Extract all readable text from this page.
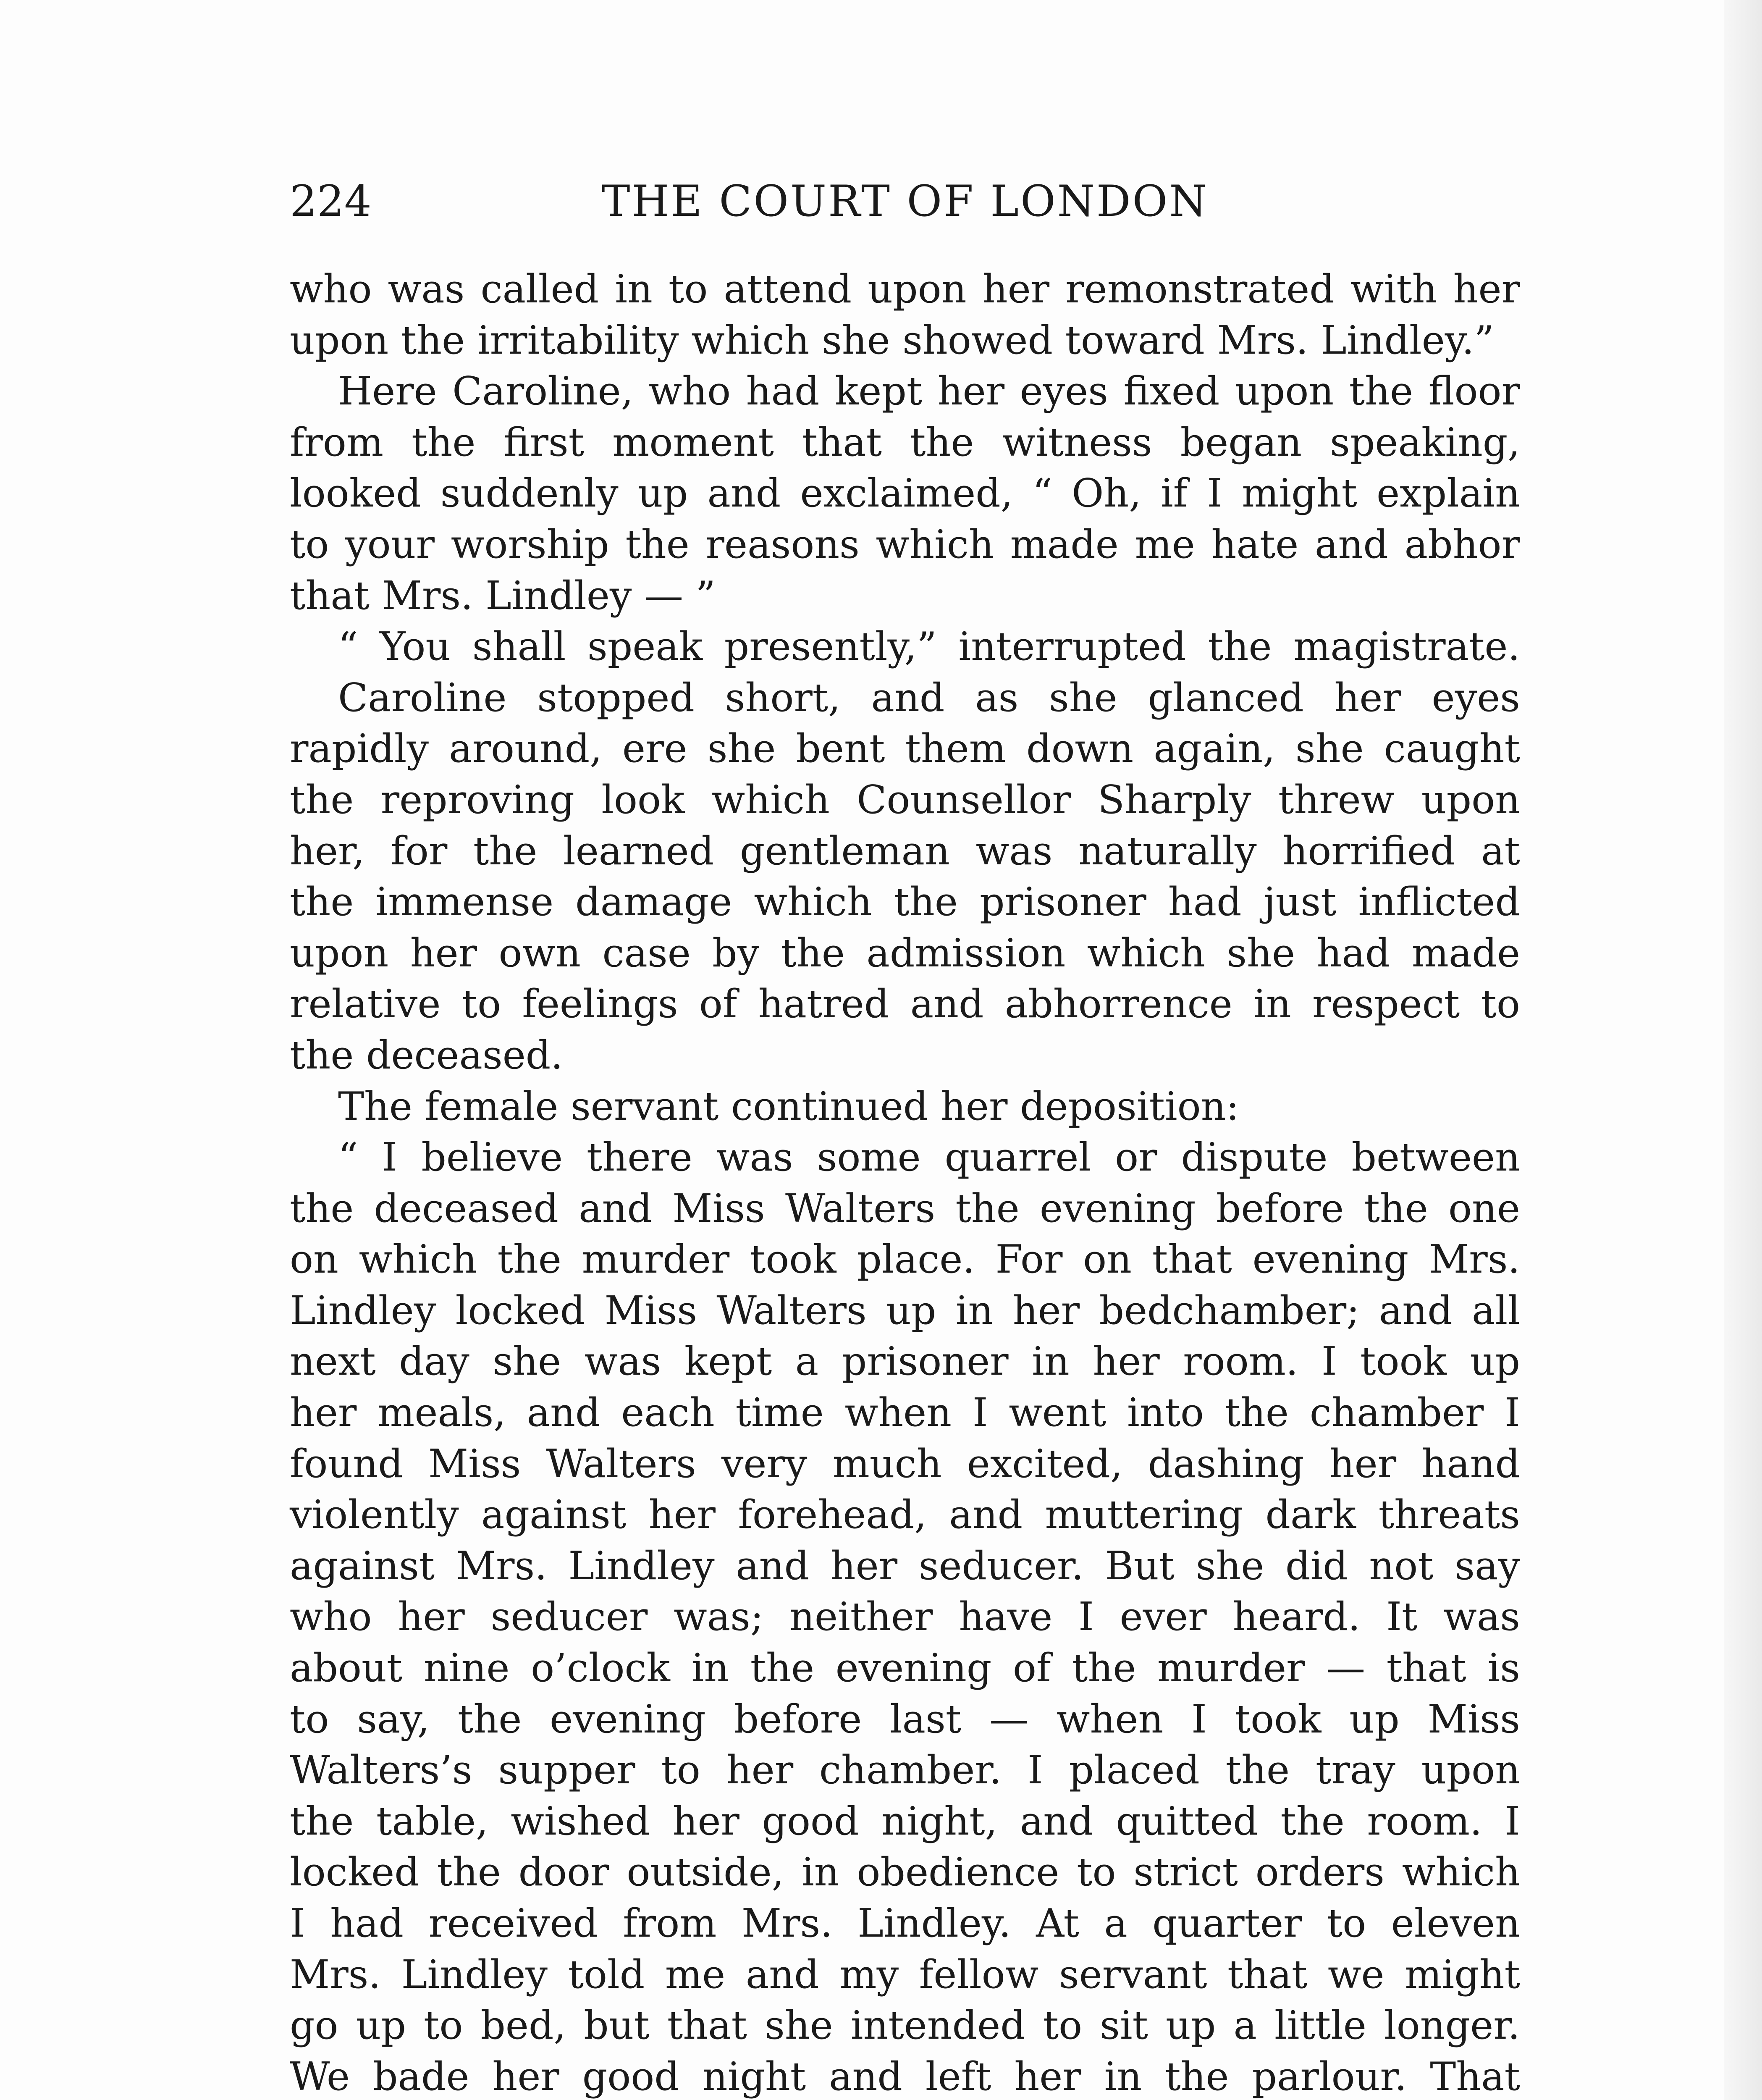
224	THE COURT OF LONDON
who was called in to attend upon her remonstrated with her
upon the irritability which she showed toward Mrs. Lindley.”
Here Caroline, who had kept her eyes fixed upon the floor
from the first moment that the witness began speaking,
looked suddenly up and exclaimed, “ Oh, if I might explain
to your worship the reasons which made me hate and abhor
that Mrs. Lindley — ”
“ You shall speak presently,” interrupted the magistrate.
Caroline stopped short, and as she glanced her eyes
rapidly around, ere she bent them down again, she caught
the reproving look which Counsellor Sharply threw upon
her, for the learned gentleman was naturally horrified at
the immense damage which the prisoner had just inflicted
upon her own case by the admission which she had made
relative to feelings of hatred and abhorrence in respect to
the deceased.
The female servant continued her deposition:
“ I believe there was some quarrel or dispute between
the deceased and Miss Walters the evening before the one
on which the murder took place. For on that evening Mrs.
Lindley locked Miss Walters up in her bedchamber; and all
next day she was kept a prisoner in her room. I took up
her meals, and each time when I went into the chamber I
found Miss Walters very much excited, dashing her hand
violently against her forehead, and muttering dark threats
against Mrs. Lindley and her seducer. But she did not say
who her seducer was; neither have I ever heard. It was
about nine o’clock in the evening of the murder — that is
to say, the evening before last — when I took up Miss
Walters’s supper to her chamber. I placed the tray upon
the table, wished her good night, and quitted the room. I
locked the door outside, in obedience to strict orders which
I had received from Mrs. Lindley. At a quarter to eleven
Mrs. Lindley told me and my fellow servant that we might
go up to bed, but that she intended to sit up a little longer.
We bade her good night and left her in the parlour. That
